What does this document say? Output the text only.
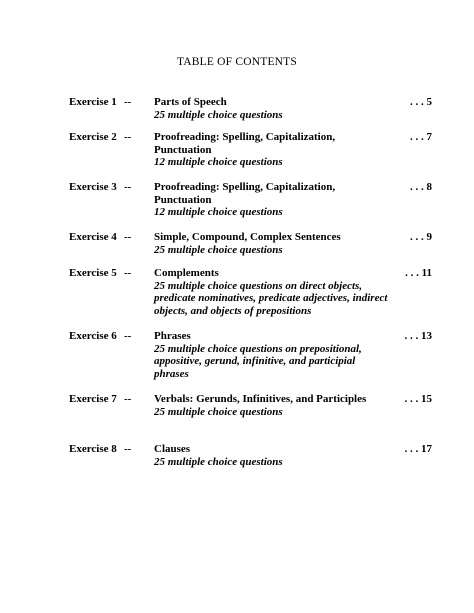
TABLE OF CONTENTS
Exercise 1 -- Parts of Speech
25 multiple choice questions
. . . 5
Exercise 2 -- Proofreading: Spelling, Capitalization, Punctuation
12 multiple choice questions
. . . 7
Exercise 3 -- Proofreading: Spelling, Capitalization, Punctuation
12 multiple choice questions
. . . 8
Exercise 4 -- Simple, Compound, Complex Sentences
25 multiple choice questions
. . . 9
Exercise 5 -- Complements
25 multiple choice questions on direct objects, predicate nominatives, predicate adjectives, indirect objects, and objects of prepositions
. . . 11
Exercise 6 -- Phrases
25 multiple choice questions on prepositional, appositive, gerund, infinitive, and participial phrases
. . . 13
Exercise 7 -- Verbals: Gerunds, Infinitives, and Participles
25 multiple choice questions
. . . 15
Exercise 8 -- Clauses
25 multiple choice questions
. . . 17
